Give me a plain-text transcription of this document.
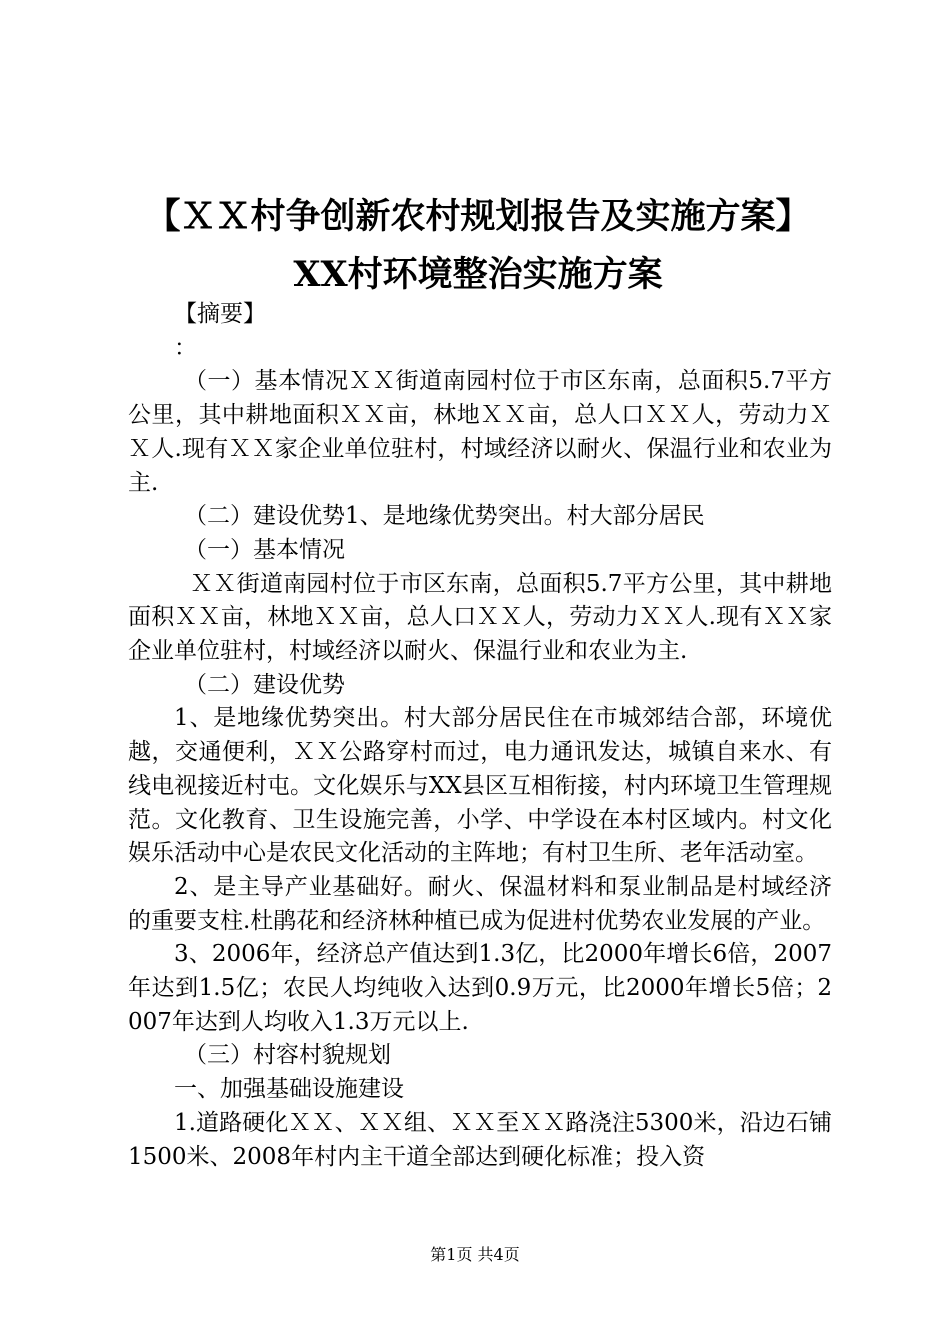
【ＸＸ村争创新农村规划报告及实施方案】XX村环境整治实施方案

【摘要】

：

（一）基本情况ＸＸ街道南园村位于市区东南，总面积5.7平方公里，其中耕地面积ＸＸ亩，林地ＸＸ亩，总人口ＸＸ人，劳动力ＸＸ人.现有ＸＸ家企业单位驻村，村域经济以耐火、保温行业和农业为主.

（二）建设优势1、是地缘优势突出。村大部分居民

（一）基本情况

ＸＸ街道南园村位于市区东南，总面积5.7平方公里，其中耕地面积ＸＸ亩，林地ＸＸ亩，总人口ＸＸ人，劳动力ＸＸ人.现有ＸＸ家企业单位驻村，村域经济以耐火、保温行业和农业为主.

（二）建设优势

1、是地缘优势突出。村大部分居民住在市城郊结合部，环境优越，交通便利，ＸＸ公路穿村而过，电力通讯发达，城镇自来水、有线电视接近村屯。文化娱乐与XX县区互相衔接，村内环境卫生管理规范。文化教育、卫生设施完善，小学、中学设在本村区域内。村文化娱乐活动中心是农民文化活动的主阵地；有村卫生所、老年活动室。

2、是主导产业基础好。耐火、保温材料和泵业制品是村域经济的重要支柱.杜鹃花和经济林种植已成为促进村优势农业发展的产业。

3、2006年，经济总产值达到1.3亿，比2000年增长6倍，2007年达到1.5亿；农民人均纯收入达到0.9万元，比2000年增长5倍；2007年达到人均收入1.3万元以上.

（三）村容村貌规划

一、加强基础设施建设

1.道路硬化ＸＸ、ＸＸ组、ＸＸ至ＸＸ路浇注5300米，沿边石铺1500米、2008年村内主干道全部达到硬化标准；投入资

第1页 共4页
